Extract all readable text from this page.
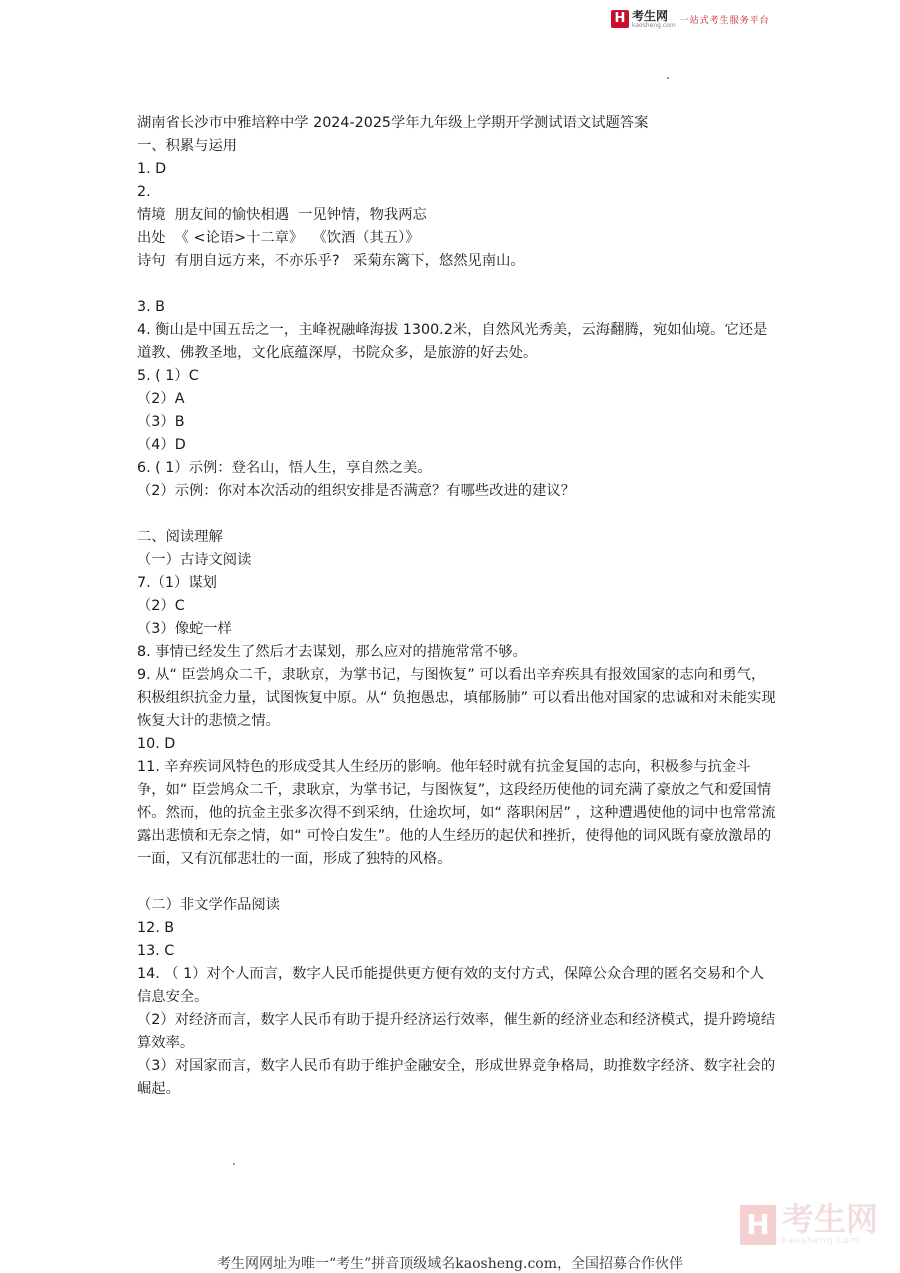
H 考生网
kaosheng.com 一站式考生服务平台
湖南省长沙市中雅培粹中学 2024-2025学年九年级上学期开学测试语文试题答案
一、积累与运用
1. D
2.
情境  朋友间的愉快相遇  一见钟情，物我两忘
出处  《 <论语>十二章》  《饮酒（其五）》
诗句  有朋自远方来，不亦乐乎?   采菊东篱下，悠然见南山。
3. B
4. 衡山是中国五岳之一，主峰祝融峰海拔 1300.2米，自然风光秀美，云海翻腾，宛如仙境。它还是道教、佛教圣地，文化底蕴深厚，书院众多，是旅游的好去处。
5. ( 1）C
（2）A
（3）B
（4）D
6. ( 1）示例：登名山，悟人生，享自然之美。
（2）示例：你对本次活动的组织安排是否满意？有哪些改进的建议？
二、阅读理解
（一）古诗文阅读
7.（1）谋划
（2）C
（3）像蛇一样
8. 事情已经发生了然后才去谋划，那么应对的措施常常不够。
9. 从“ 臣尝鸠众二千，隶耿京，为掌书记，与图恢复” 可以看出辛弃疾具有报效国家的志向和勇气，积极组织抗金力量，试图恢复中原。从“ 负抱愚忠，填郁肠肺” 可以看出他对国家的忠诚和对未能实现恢复大计的悲愤之情。
10. D
11. 辛弃疾词风特色的形成受其人生经历的影响。他年轻时就有抗金复国的志向，积极参与抗金斗争，如“ 臣尝鸠众二千，隶耿京，为掌书记，与图恢复”，这段经历使他的词充满了豪放之气和爱国情怀。然而，他的抗金主张多次得不到采纳，仕途坎坷，如“ 落职闲居” ，这种遭遇使他的词中也常常流露出悲愤和无奈之情，如“ 可怜白发生”。他的人生经历的起伏和挫折，使得他的词风既有豪放激昂的一面，又有沉郁悲壮的一面，形成了独特的风格。
（二）非文学作品阅读
12. B
13. C
14. （ 1）对个人而言，数字人民币能提供更方便有效的支付方式，保障公众合理的匿名交易和个人信息安全。
（2）对经济而言，数字人民币有助于提升经济运行效率，催生新的经济业态和经济模式，提升跨境结算效率。
（3）对国家而言，数字人民币有助于维护金融安全，形成世界竞争格局，助推数字经济、数字社会的崛起。
H 考生网
kaosheng.com
考生网网址为唯一“考生”拼音顶级域名kaosheng.com，全国招募合作伙伴
